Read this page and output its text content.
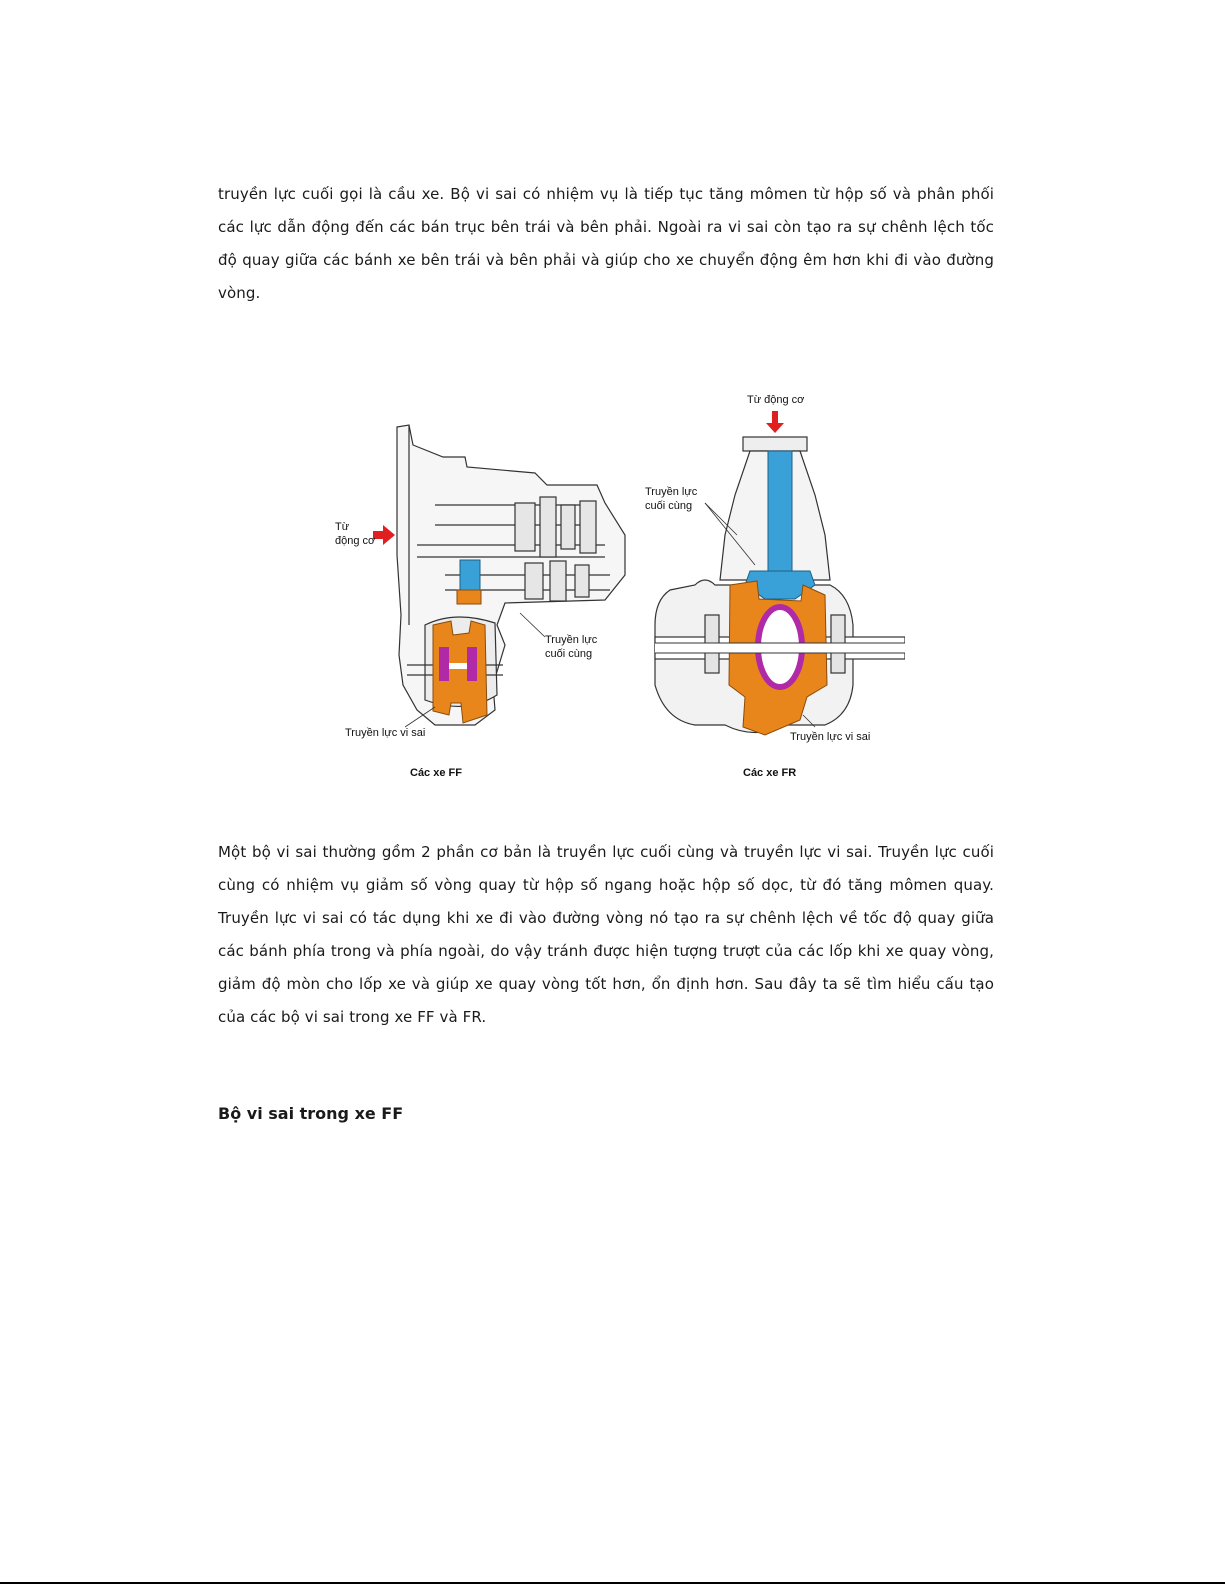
truyền lực cuối gọi là cầu xe. Bộ vi sai có nhiệm vụ là tiếp tục tăng mômen từ hộp số và phân phối các lực dẫn động đến các bán trục bên trái và bên phải. Ngoài ra vi sai còn tạo ra sự chênh lệch tốc độ quay giữa các bánh xe bên trái và bên phải và giúp cho xe chuyển động êm hơn khi đi vào đường vòng.

Từ
động cơ
Truyền lực
cuối cùng
Truyền lực vi sai
Các xe FF
Từ động cơ
Truyền lực
cuối cùng
Truyền lực vi sai
Các xe FR

Một bộ vi sai thường gồm 2 phần cơ bản là truyền lực cuối cùng và truyền lực vi sai. Truyền lực cuối cùng có nhiệm vụ giảm số vòng quay từ hộp số ngang hoặc hộp số dọc, từ đó tăng mômen quay. Truyền lực vi sai có tác dụng khi xe đi vào đường vòng nó tạo ra sự chênh lệch về tốc độ quay giữa các bánh phía trong và phía ngoài, do vậy tránh được hiện tượng trượt của các lốp khi xe quay vòng, giảm độ mòn cho lốp xe và giúp xe quay vòng tốt hơn, ổn định hơn. Sau đây ta sẽ tìm hiểu cấu tạo của các bộ vi sai trong xe FF và FR.

Bộ vi sai trong xe FF
